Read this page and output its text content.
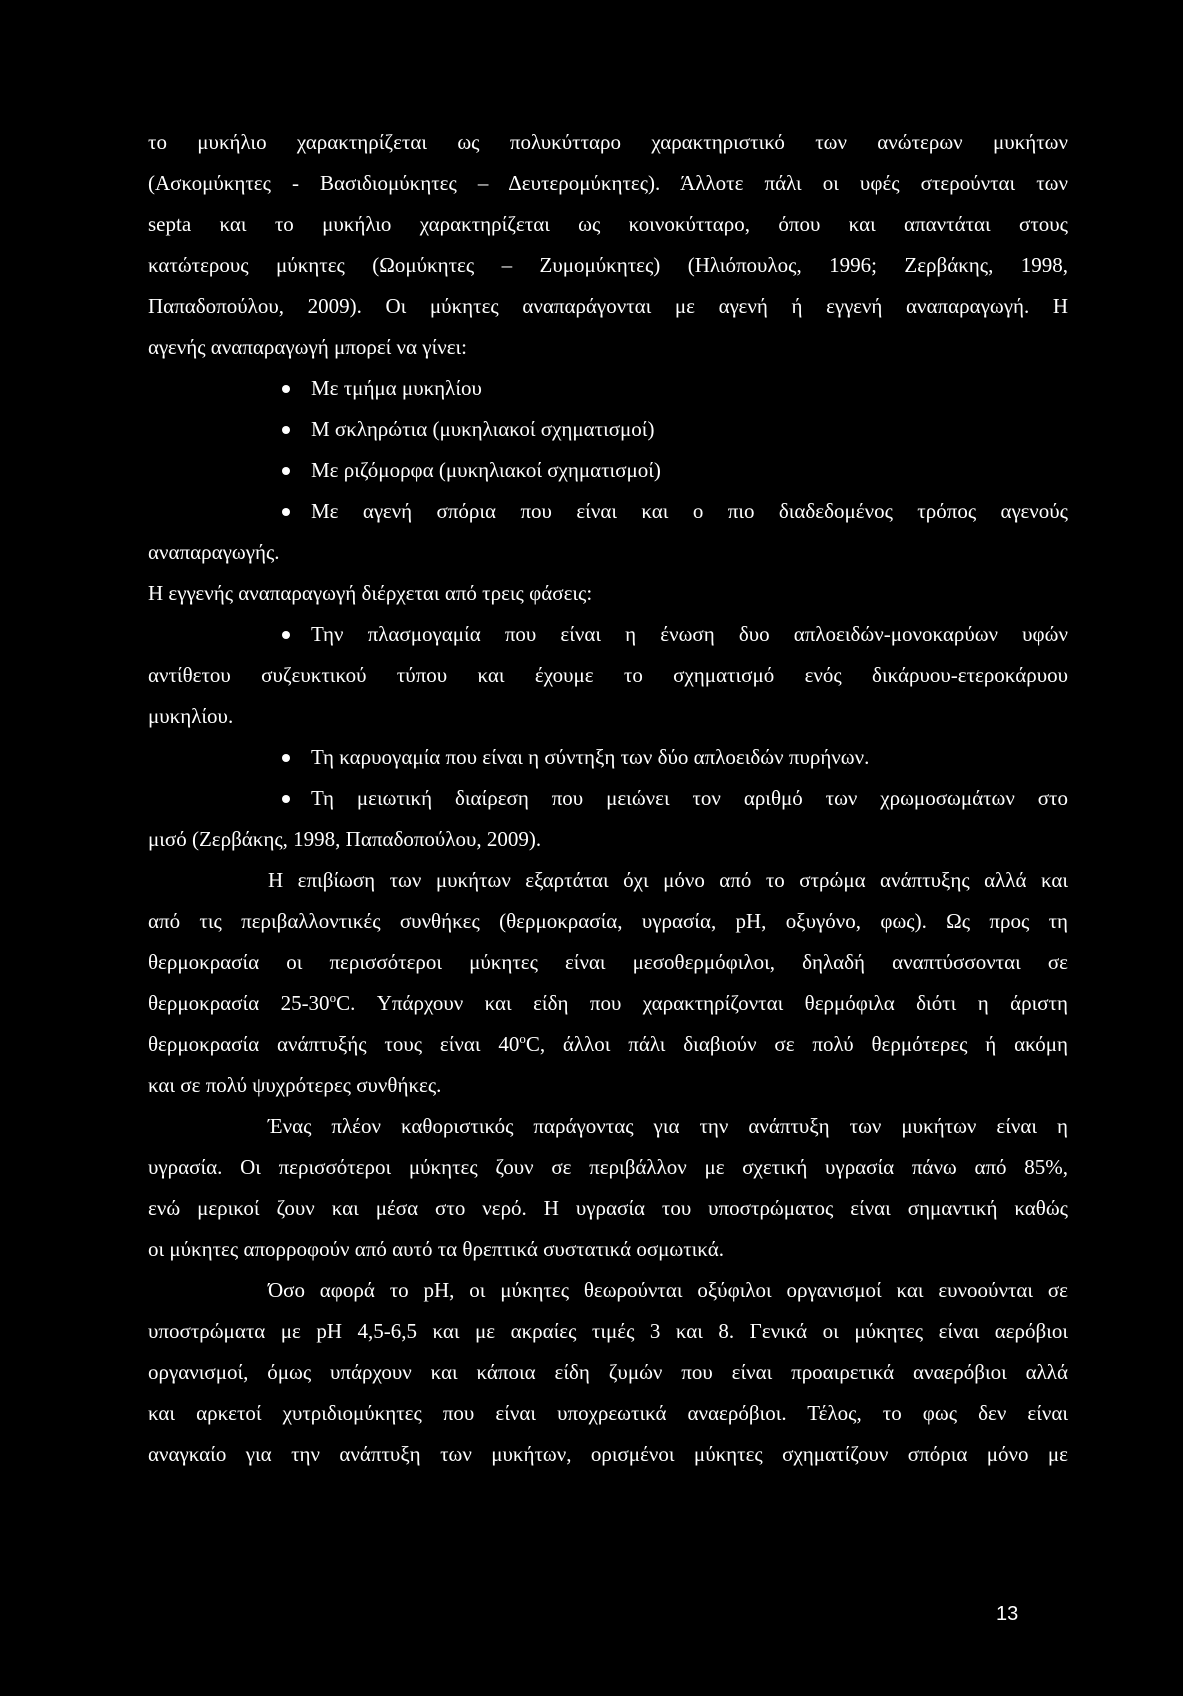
το μυκήλιο χαρακτηρίζεται ως πολυκύτταρο χαρακτηριστικό των ανώτερων μυκήτων
(Ασκομύκητες - Βασιδιομύκητες – Δευτερομύκητες). Άλλοτε πάλι οι υφές στερούνται των
septa και το μυκήλιο χαρακτηρίζεται ως κοινοκύτταρο, όπου και απαντάται στους
κατώτερους μύκητες (Ωομύκητες – Ζυμομύκητες) (Ηλιόπουλος, 1996; Ζερβάκης, 1998,
Παπαδοπούλου, 2009). Οι μύκητες αναπαράγονται με αγενή ή εγγενή αναπαραγωγή. Η
αγενής αναπαραγωγή μπορεί να γίνει:
Με τμήμα μυκηλίου
Μ σκληρώτια (μυκηλιακοί σχηματισμοί)
Με ριζόμορφα (μυκηλιακοί σχηματισμοί)
Με αγενή σπόρια που είναι και ο πιο διαδεδομένος τρόπος αγενούς
αναπαραγωγής.
Η εγγενής αναπαραγωγή διέρχεται από τρεις φάσεις:
Την πλασμογαμία που είναι η ένωση δυο απλοειδών-μονοκαρύων υφών
αντίθετου συζευκτικού τύπου και έχουμε το σχηματισμό ενός δικάρυου-ετεροκάρυου
μυκηλίου.
Τη καρυογαμία που είναι η σύντηξη των δύο απλοειδών πυρήνων.
Τη μειωτική διαίρεση που μειώνει τον αριθμό των χρωμοσωμάτων στο
μισό (Ζερβάκης, 1998, Παπαδοπούλου, 2009).
Η επιβίωση των μυκήτων εξαρτάται όχι μόνο από το στρώμα ανάπτυξης αλλά και
από τις περιβαλλοντικές συνθήκες (θερμοκρασία, υγρασία, pH, οξυγόνο, φως). Ως προς τη
θερμοκρασία οι περισσότεροι μύκητες είναι μεσοθερμόφιλοι, δηλαδή αναπτύσσονται σε
θερμοκρασία 25-30$^o$C. Υπάρχουν και είδη που χαρακτηρίζονται θερμόφιλα διότι η άριστη
θερμοκρασία ανάπτυξής τους είναι 40$^o$C, άλλοι πάλι διαβιούν σε πολύ θερμότερες ή ακόμη
και σε πολύ ψυχρότερες συνθήκες.
Ένας πλέον καθοριστικός παράγοντας για την ανάπτυξη των μυκήτων είναι η
υγρασία. Οι περισσότεροι μύκητες ζουν σε περιβάλλον με σχετική υγρασία πάνω από 85%,
ενώ μερικοί ζουν και μέσα στο νερό. Η υγρασία του υποστρώματος είναι σημαντική καθώς
οι μύκητες απορροφούν από αυτό τα θρεπτικά συστατικά οσμωτικά.
Όσο αφορά το pH, οι μύκητες θεωρούνται οξύφιλοι οργανισμοί και ευνοούνται σε
υποστρώματα με pH 4,5-6,5 και με ακραίες τιμές 3 και 8. Γενικά οι μύκητες είναι αερόβιοι
οργανισμοί, όμως υπάρχουν και κάποια είδη ζυμών που είναι προαιρετικά αναερόβιοι αλλά
και αρκετοί χυτριδιομύκητες που είναι υποχρεωτικά αναερόβιοι. Τέλος, το φως δεν είναι
αναγκαίο για την ανάπτυξη των μυκήτων, ορισμένοι μύκητες σχηματίζουν σπόρια μόνο με
13
